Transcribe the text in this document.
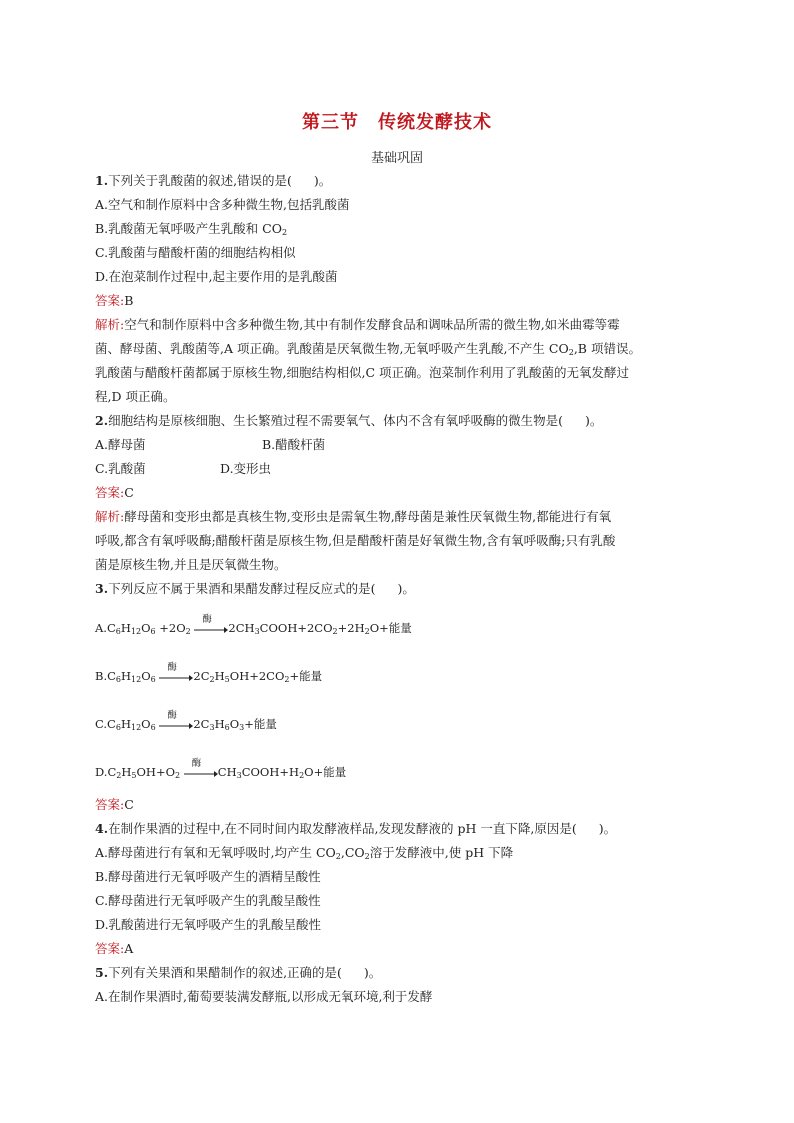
第三节　传统发酵技术
基础巩固
1.下列关于乳酸菌的叙述,错误的是( )。
A.空气和制作原料中含多种微生物,包括乳酸菌
B.乳酸菌无氧呼吸产生乳酸和 $CO_2$
C.乳酸菌与醋酸杆菌的细胞结构相似
D.在泡菜制作过程中,起主要作用的是乳酸菌
答案:B
解析:空气和制作原料中含多种微生物,其中有制作发酵食品和调味品所需的微生物,如米曲霉等霉
菌、酵母菌、乳酸菌等,A 项正确。乳酸菌是厌氧微生物,无氧呼吸产生乳酸,不产生 $CO_2,B$ 项错误。
乳酸菌与醋酸杆菌都属于原核生物,细胞结构相似,C 项正确。泡菜制作利用了乳酸菌的无氧发酵过
程,D 项正确。
2.细胞结构是原核细胞、生长繁殖过程不需要氧气、体内不含有氧呼吸酶的微生物是( )。
A.酵母菌	B.醋酸杆菌
C.乳酸菌	D.变形虫
答案:C
解析:酵母菌和变形虫都是真核生物,变形虫是需氧生物,酵母菌是兼性厌氧微生物,都能进行有氧
呼吸,都含有氧呼吸酶;醋酸杆菌是原核生物,但是醋酸杆菌是好氧微生物,含有氧呼吸酶;只有乳酸
菌是原核生物,并且是厌氧微生物。
3.下列反应不属于果酒和果醋发酵过程反应式的是( )。
$A.C_6H_{12}O_6 +2O_2$
酶
$2CH_3COOH+2CO_2+2H_2O+$能量
$B.C_6H_{12}O_6$
酶
$2C_2H_5OH+2CO_2+$能量
$C.C_6H_{12}O_6$
酶
$2C_3H_6O_3+$能量
$D.C_2H_5OH+O_2$
酶
$CH_3COOH+H_2O+$能量
答案:C
4.在制作果酒的过程中,在不同时间内取发酵液样品,发现发酵液的 pH 一直下降,原因是( )。
A.酵母菌进行有氧和无氧呼吸时,均产生 $CO_2,CO_2$溶于发酵液中,使 pH 下降
B.酵母菌进行无氧呼吸产生的酒精呈酸性
C.酵母菌进行无氧呼吸产生的乳酸呈酸性
D.乳酸菌进行无氧呼吸产生的乳酸呈酸性
答案:A
5.下列有关果酒和果醋制作的叙述,正确的是( )。
A.在制作果酒时,葡萄要装满发酵瓶,以形成无氧环境,利于发酵
